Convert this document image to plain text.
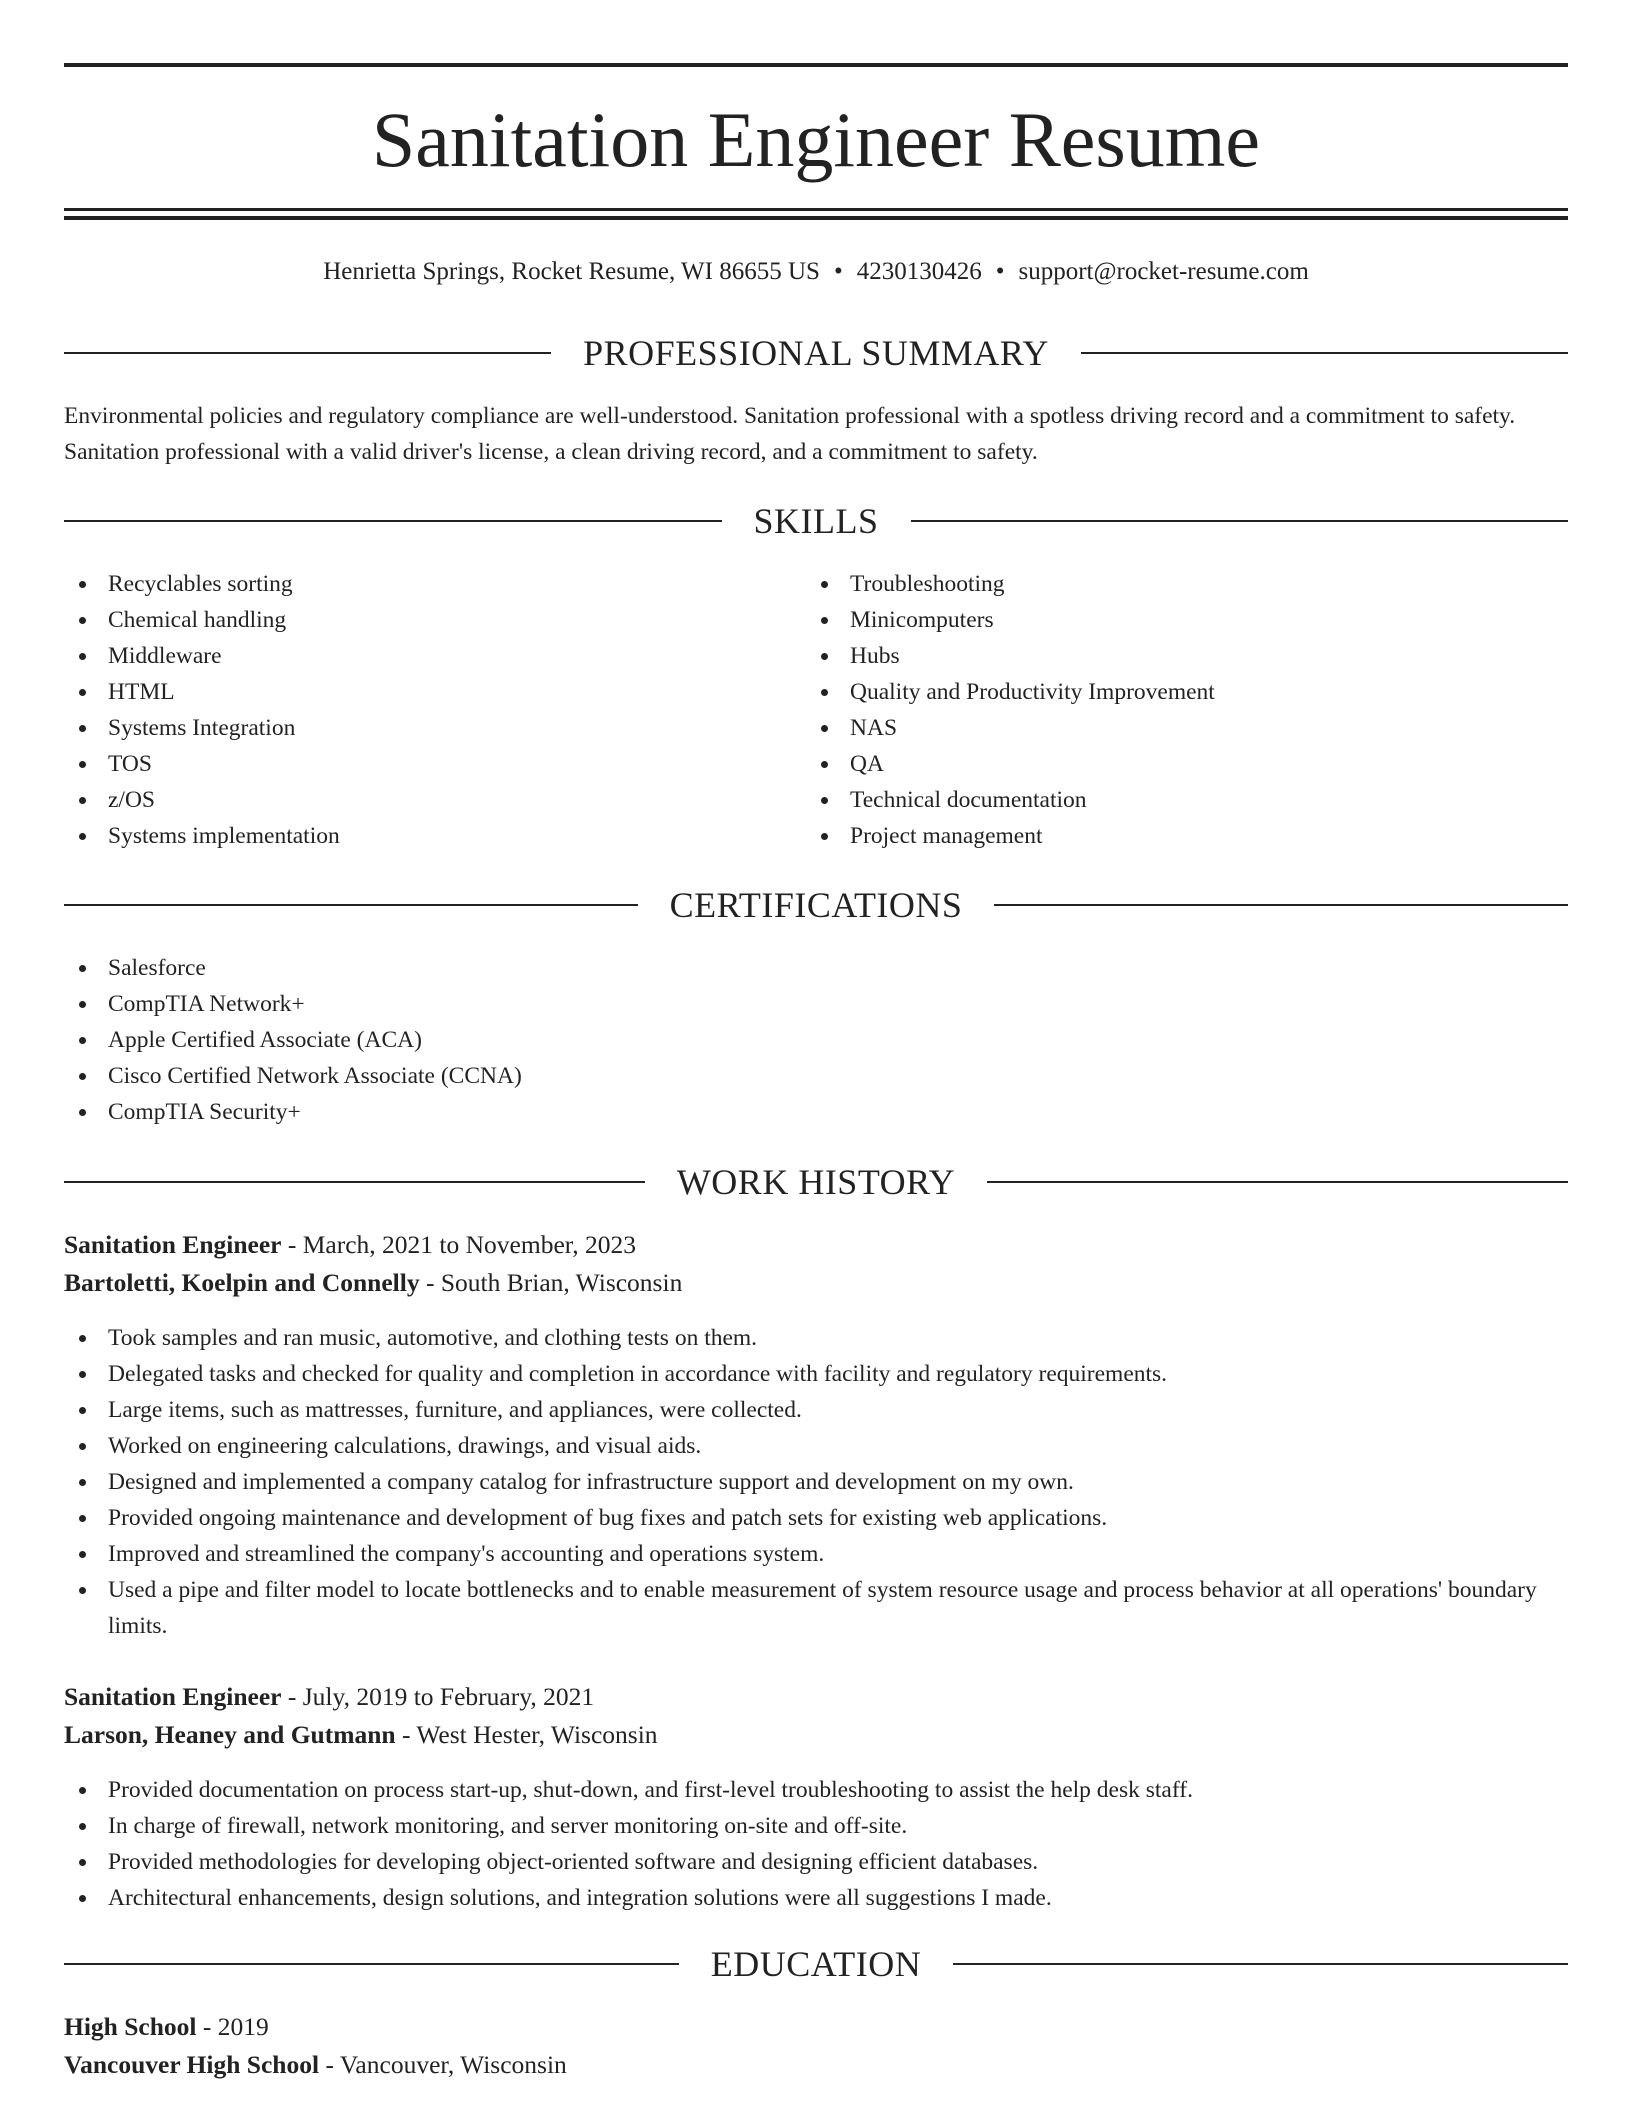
Sanitation Engineer Resume
Henrietta Springs, Rocket Resume, WI 86655 US • 4230130426 • support@rocket-resume.com
PROFESSIONAL SUMMARY

Environmental policies and regulatory compliance are well-understood. Sanitation professional with a spotless driving record and a commitment to safety. Sanitation professional with a valid driver's license, a clean driving record, and a commitment to safety.

SKILLS
Recyclables sorting
Chemical handling
Middleware
HTML
Systems Integration
TOS
z/OS
Systems implementation
Troubleshooting
Minicomputers
Hubs
Quality and Productivity Improvement
NAS
QA
Technical documentation
Project management
CERTIFICATIONS
Salesforce
CompTIA Network+
Apple Certified Associate (ACA)
Cisco Certified Network Associate (CCNA)
CompTIA Security+
WORK HISTORY
Sanitation Engineer - March, 2021 to November, 2023
Bartoletti, Koelpin and Connelly - South Brian, Wisconsin
Took samples and ran music, automotive, and clothing tests on them.
Delegated tasks and checked for quality and completion in accordance with facility and regulatory requirements.
Large items, such as mattresses, furniture, and appliances, were collected.
Worked on engineering calculations, drawings, and visual aids.
Designed and implemented a company catalog for infrastructure support and development on my own.
Provided ongoing maintenance and development of bug fixes and patch sets for existing web applications.
Improved and streamlined the company's accounting and operations system.
Used a pipe and filter model to locate bottlenecks and to enable measurement of system resource usage and process behavior at all operations' boundary limits.
Sanitation Engineer - July, 2019 to February, 2021
Larson, Heaney and Gutmann - West Hester, Wisconsin
Provided documentation on process start-up, shut-down, and first-level troubleshooting to assist the help desk staff.
In charge of firewall, network monitoring, and server monitoring on-site and off-site.
Provided methodologies for developing object-oriented software and designing efficient databases.
Architectural enhancements, design solutions, and integration solutions were all suggestions I made.
EDUCATION
High School - 2019
Vancouver High School - Vancouver, Wisconsin
